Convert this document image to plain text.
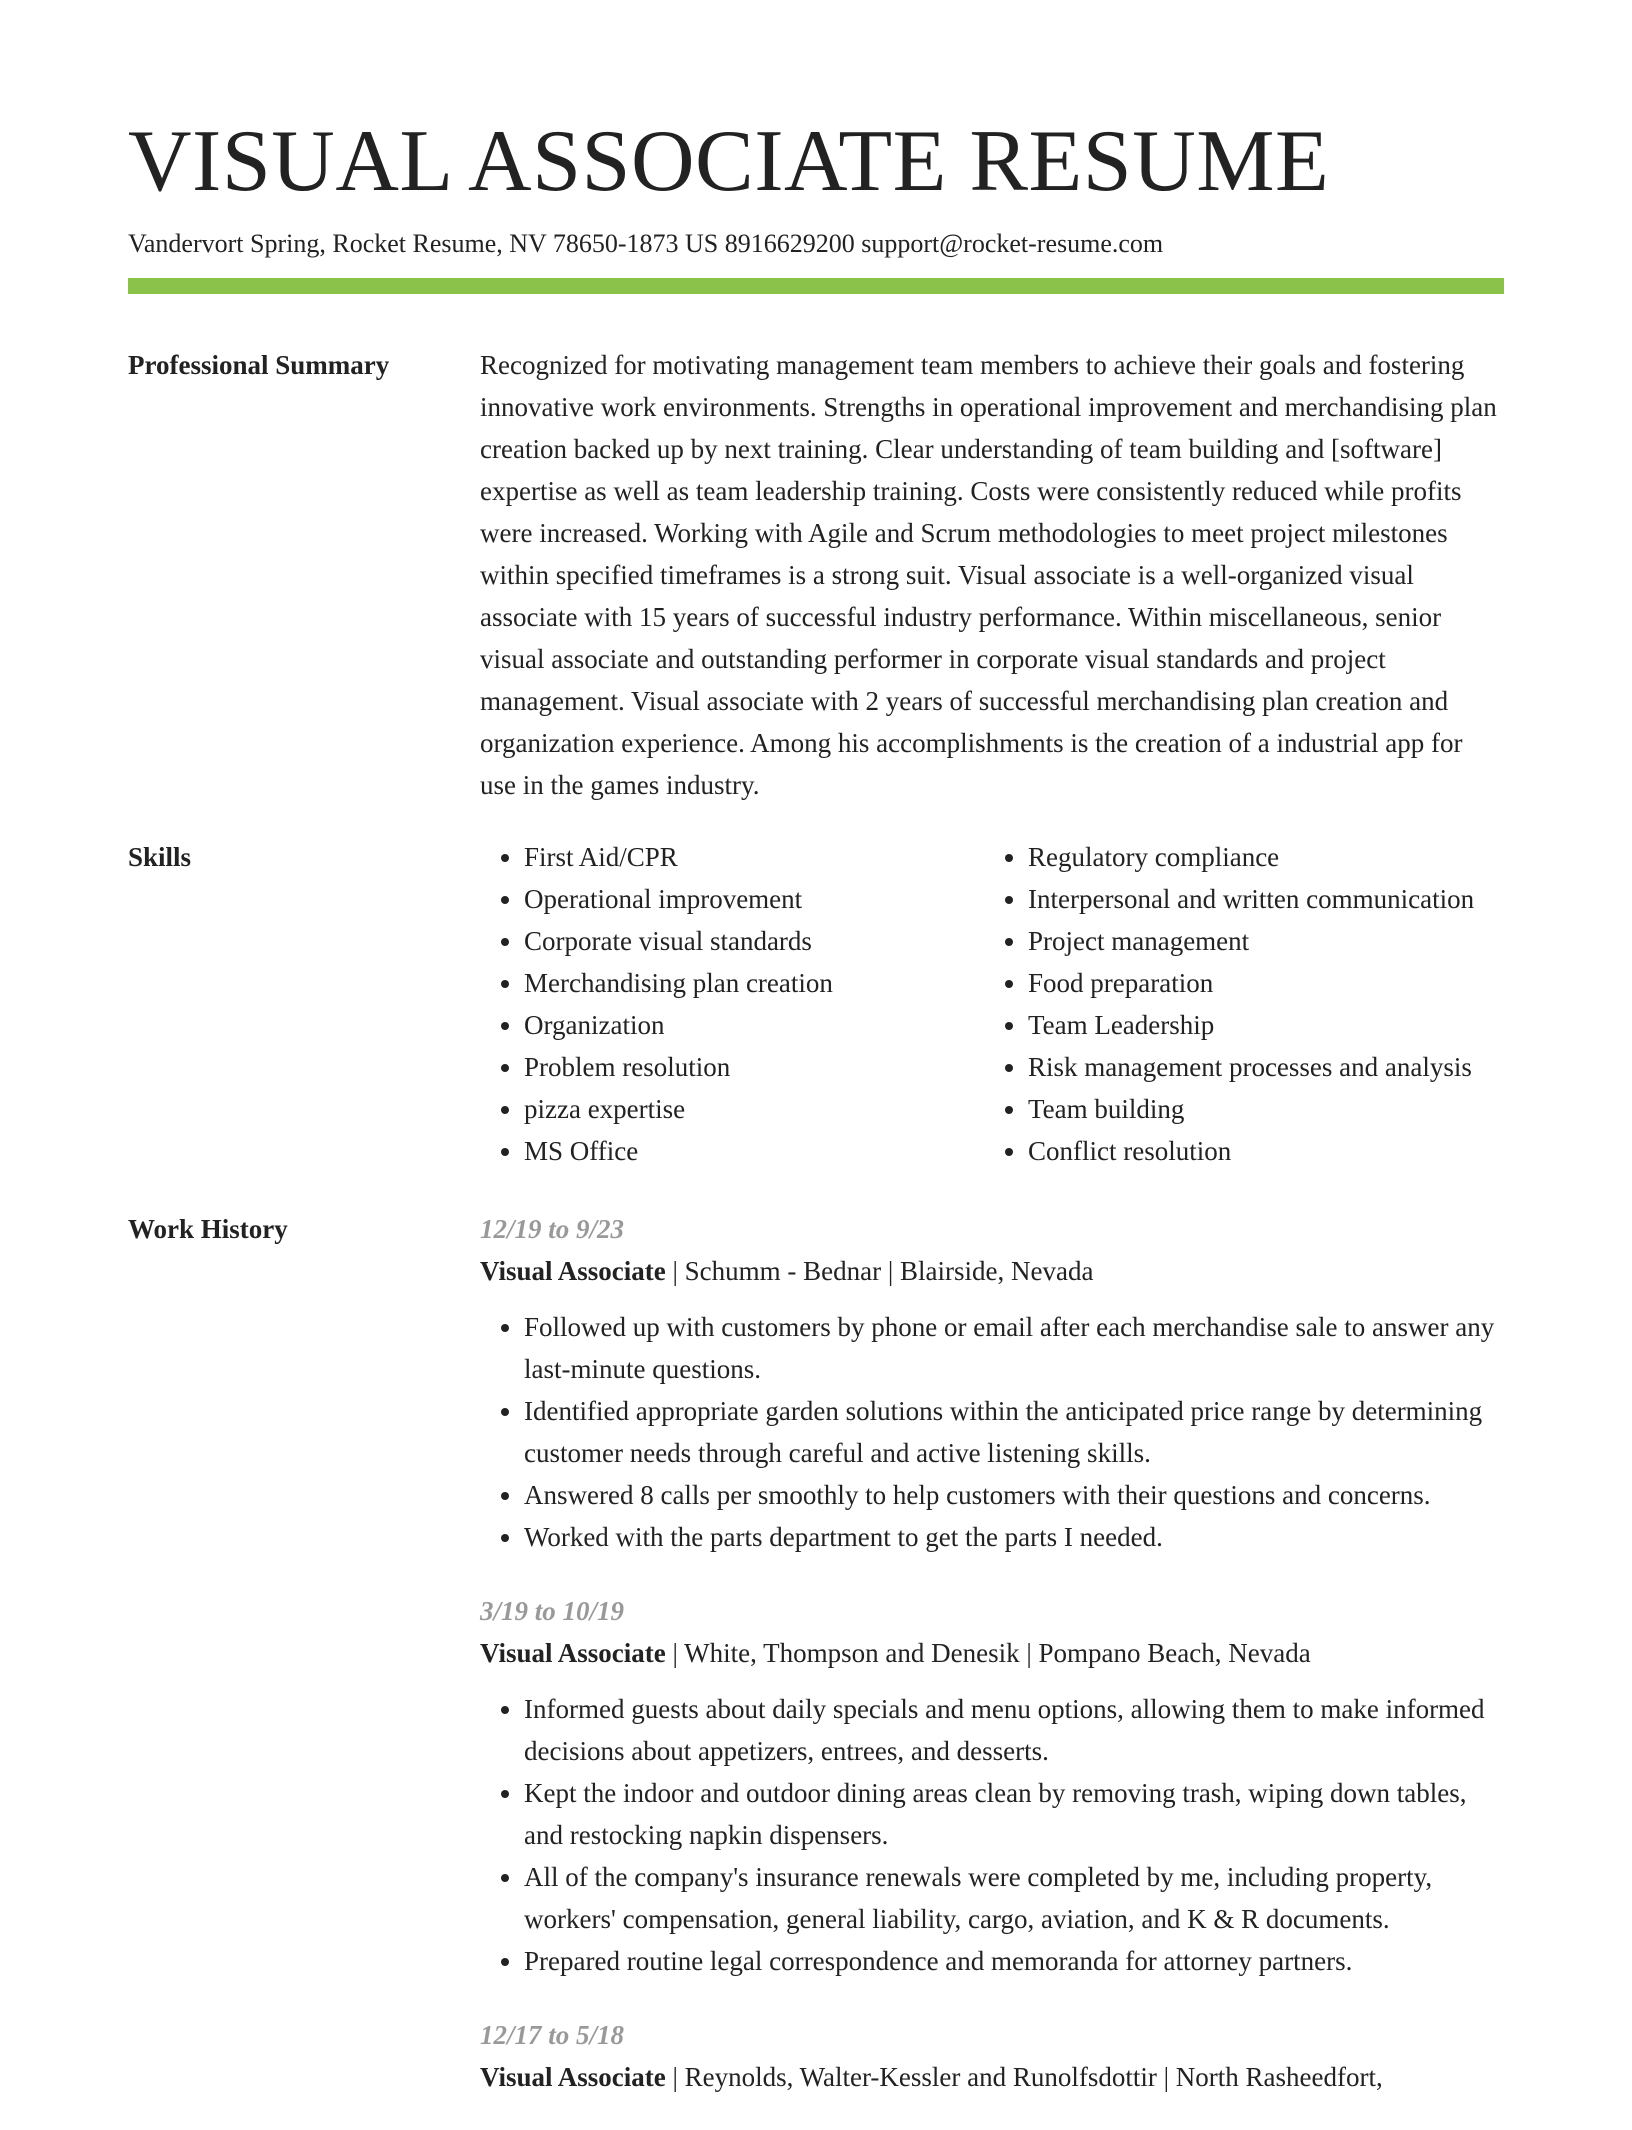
VISUAL ASSOCIATE RESUME
Vandervort Spring, Rocket Resume, NV 78650-1873 US 8916629200 support@rocket-resume.com
Professional Summary	Recognized for motivating management team members to achieve their goals and fostering innovative work environments. Strengths in operational improvement and merchandising plan creation backed up by next training. Clear understanding of team building and [software] expertise as well as team leadership training. Costs were consistently reduced while profits were increased. Working with Agile and Scrum methodologies to meet project milestones within specified timeframes is a strong suit. Visual associate is a well-organized visual associate with 15 years of successful industry performance. Within miscellaneous, senior visual associate and outstanding performer in corporate visual standards and project management. Visual associate with 2 years of successful merchandising plan creation and organization experience. Among his accomplishments is the creation of a industrial app for use in the games industry.

Skills
•	First Aid/CPR
• Operational improvement
• Corporate visual standards
• Merchandising plan creation
• Organization
• Problem resolution
• pizza expertise
• MS Office
• Regulatory compliance
• Interpersonal and written communication
• Project management
• Food preparation
• Team Leadership
• Risk management processes and analysis
• Team building
• Conflict resolution
Work History	12/19 to 9/23
Visual Associate | Schumm - Bednar | Blairside, Nevada
• Followed up with customers by phone or email after each merchandise sale to answer any last-minute questions.
• Identified appropriate garden solutions within the anticipated price range by determining customer needs through careful and active listening skills.
• Answered 8 calls per smoothly to help customers with their questions and concerns.
• Worked with the parts department to get the parts I needed.
3/19 to 10/19
Visual Associate | White, Thompson and Denesik | Pompano Beach, Nevada
• Informed guests about daily specials and menu options, allowing them to make informed decisions about appetizers, entrees, and desserts.
• Kept the indoor and outdoor dining areas clean by removing trash, wiping down tables, and restocking napkin dispensers.
• All of the company's insurance renewals were completed by me, including property, workers' compensation, general liability, cargo, aviation, and K & R documents.
• Prepared routine legal correspondence and memoranda for attorney partners.
12/17 to 5/18
Visual Associate | Reynolds, Walter-Kessler and Runolfsdottir | North Rasheedfort,
